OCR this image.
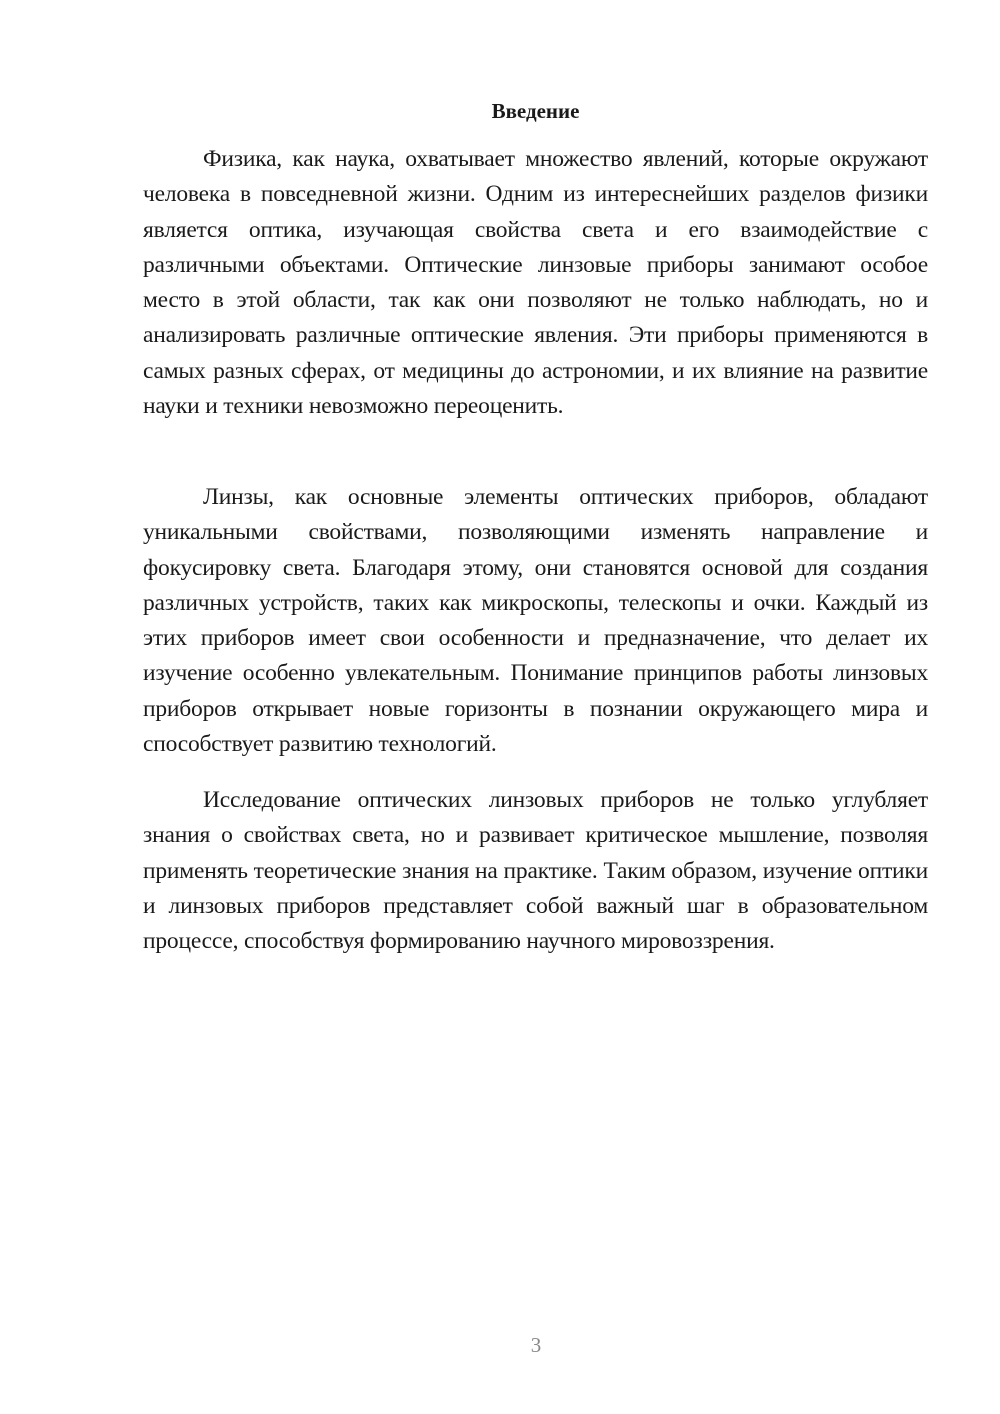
Введение

Физика, как наука, охватывает множество явлений, которые окружают человека в повседневной жизни. Одним из интереснейших разделов физики является оптика, изучающая свойства света и его взаимодействие с различными объектами. Оптические линзовые приборы занимают особое место в этой области, так как они позволяют не только наблюдать, но и анализировать различные оптические явления. Эти приборы применяются в самых разных сферах, от медицины до астрономии, и их влияние на развитие науки и техники невозможно переоценить.

Линзы, как основные элементы оптических приборов, обладают уникальными свойствами, позволяющими изменять направление и фокусировку света. Благодаря этому, они становятся основой для создания различных устройств, таких как микроскопы, телескопы и очки. Каждый из этих приборов имеет свои особенности и предназначение, что делает их изучение особенно увлекательным. Понимание принципов работы линзовых приборов открывает новые горизонты в познании окружающего мира и способствует развитию технологий.

Исследование оптических линзовых приборов не только углубляет знания о свойствах света, но и развивает критическое мышление, позволяя применять теоретические знания на практике. Таким образом, изучение оптики и линзовых приборов представляет собой важный шаг в образовательном процессе, способствуя формированию научного мировоззрения.

3
